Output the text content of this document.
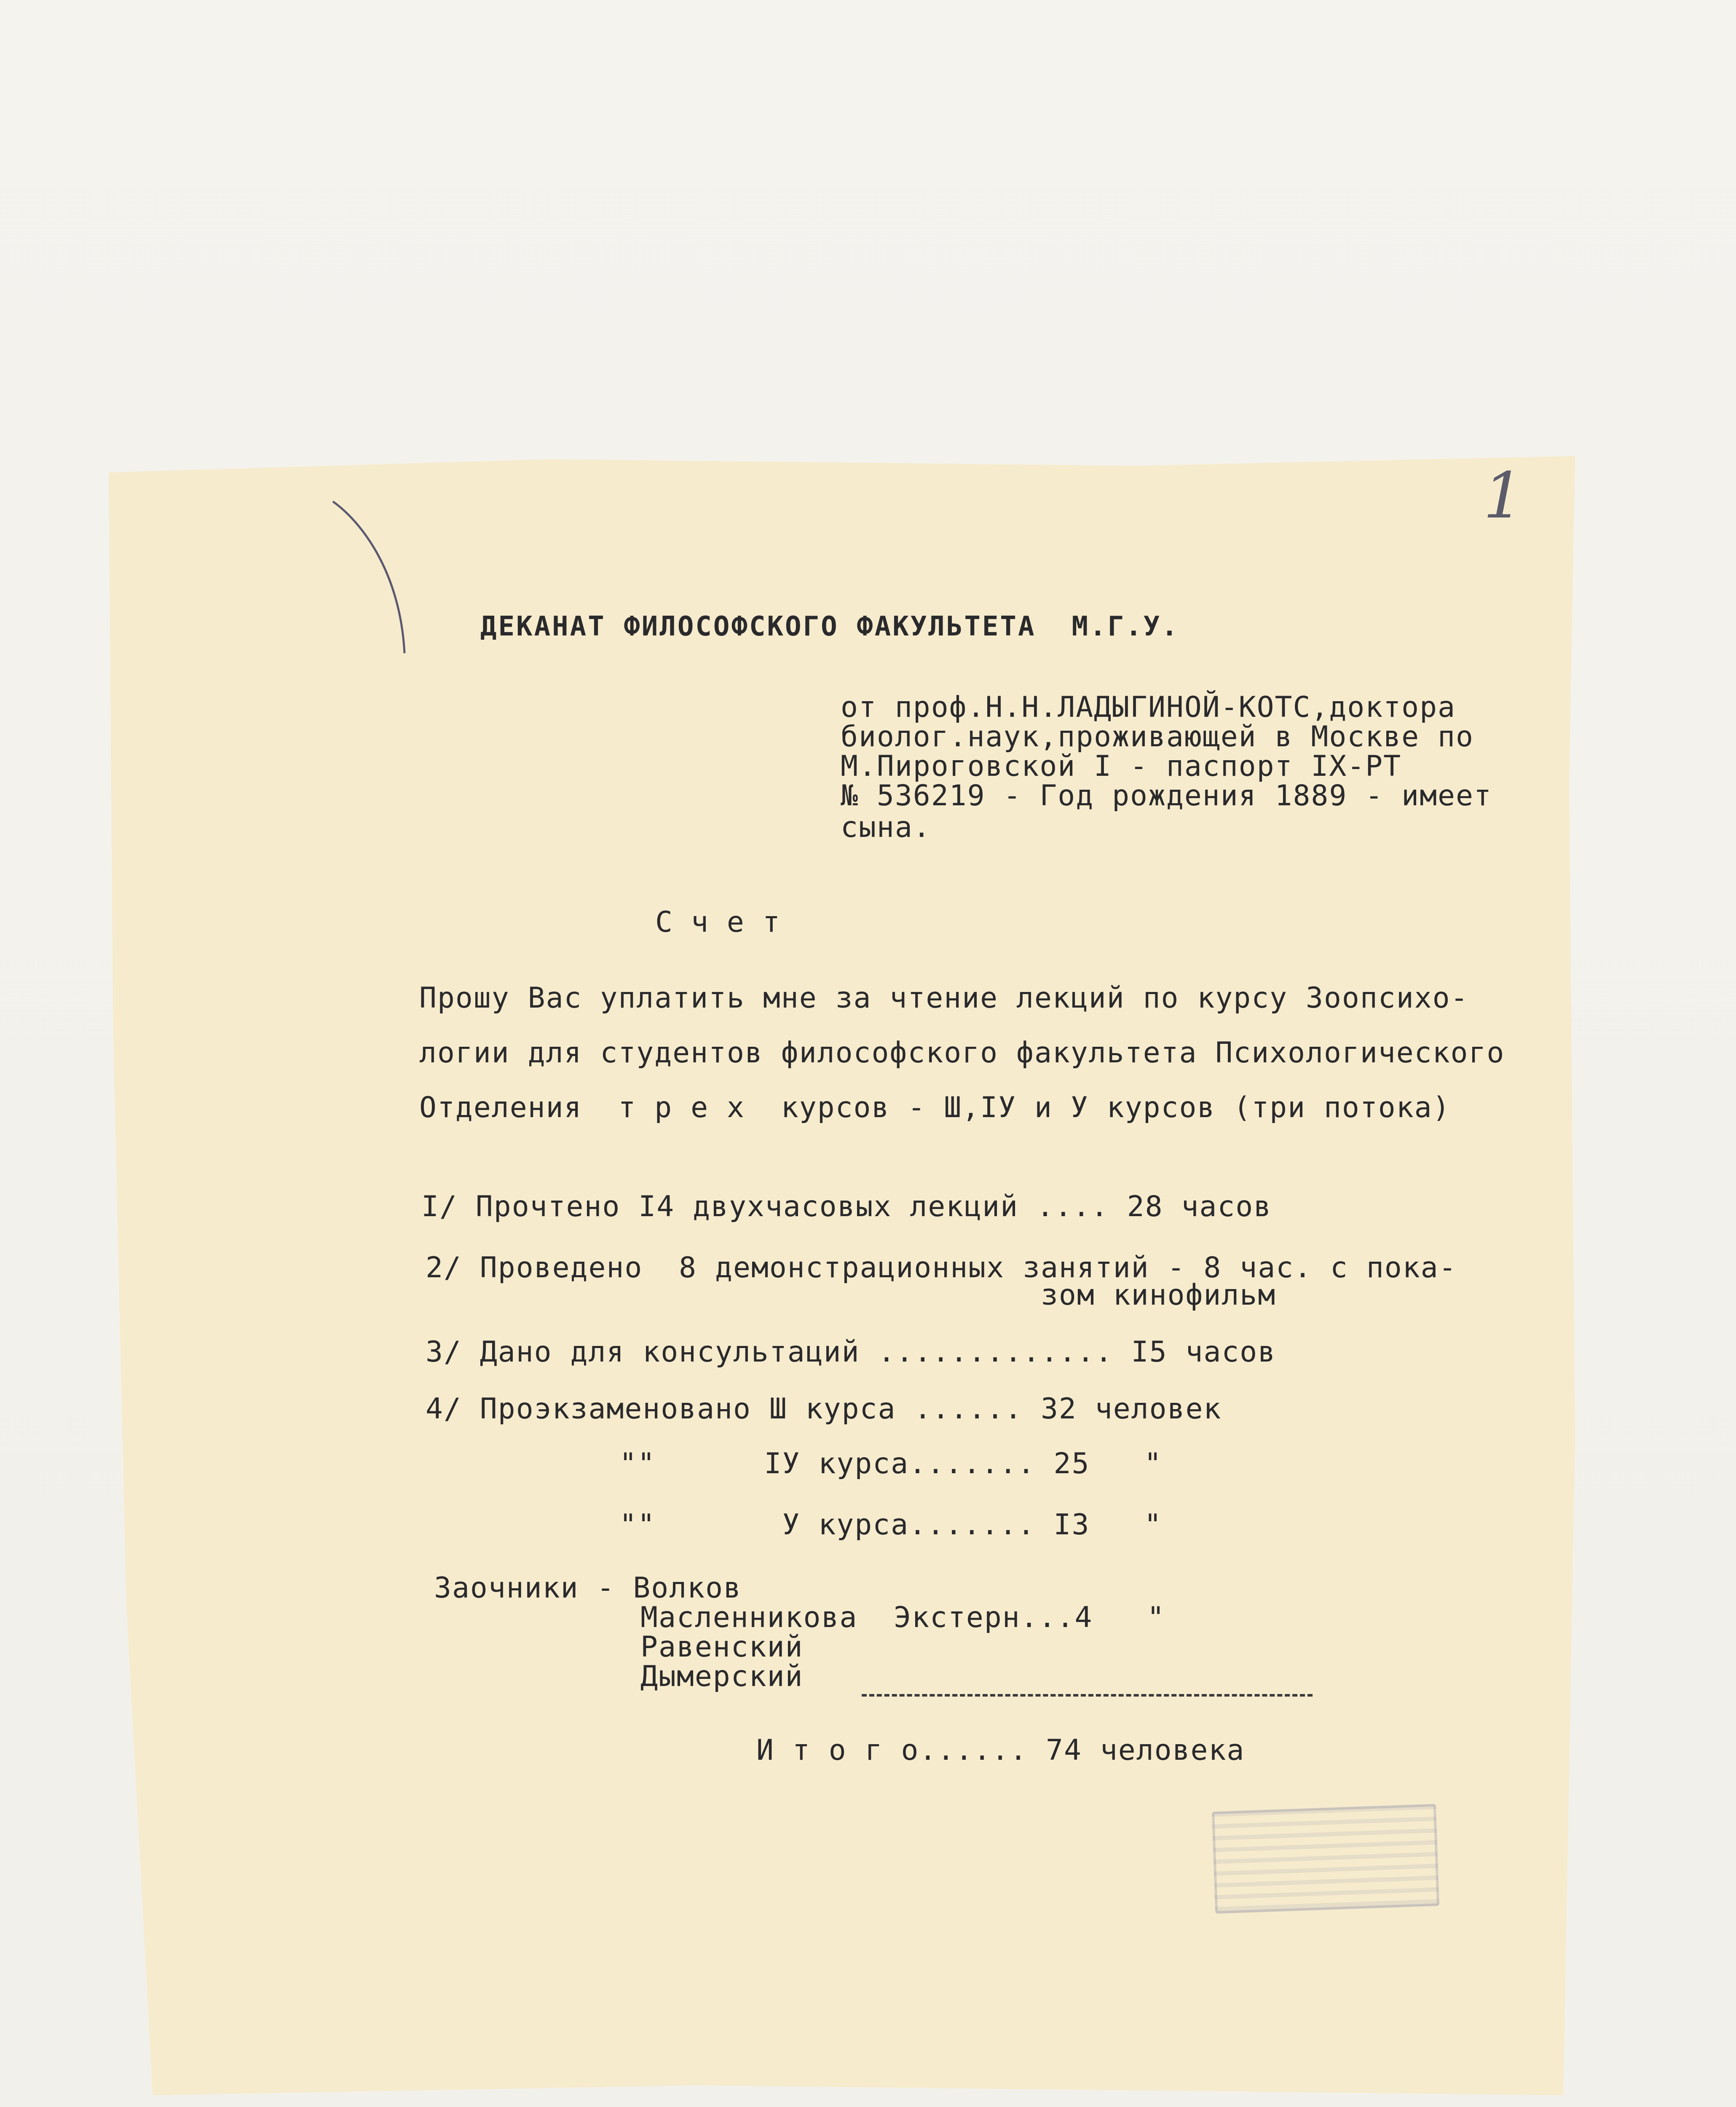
1
ДЕКАНАТ ФИЛОСОФСКОГО ФАКУЛЬТЕТА  М.Г.У.
от проф.Н.Н.ЛАДЫГИНОЙ-КОТС,доктора
биолог.наук,проживающей в Москве по
М.Пироговской I - паспорт IX-РТ
№ 536219 - Год рождения 1889 - имеет
сына.
Счет
Прошу Вас уплатить мне за чтение лекций по курсу Зоопсихо-
логии для студентов философского факультета Психологичеcкого
Отделения  т р е х  курсов - Ш,IУ и У курсов (три потока)
I/ Прочтено I4 двухчасовых лекций .... 28 часов
2/ Проведено  8 демонстрационных занятий - 8 час. с пока-
зом кинофильм
3/ Дано для консультаций ............. I5 часов
4/ Проэкзаменовано Ш курса ...... 32 человек
""      IУ курса....... 25   "
""       У курса....... I3   "
Заочники - Волков
Масленникова  Экстерн...4   "
Равенский
Дымерский
И т о г о...... 74 человека
